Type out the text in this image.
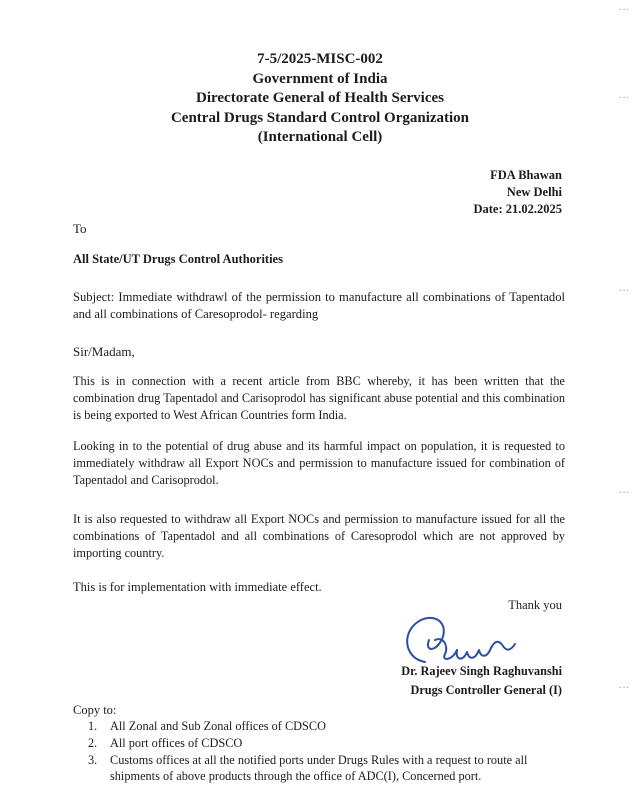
7-5/2025-MISC-002
Government of India
Directorate General of Health Services
Central Drugs Standard Control Organization
(International Cell)
FDA Bhawan
New Delhi
Date: 21.02.2025
To
All State/UT Drugs Control Authorities
Subject: Immediate withdrawl of the permission to manufacture all combinations of Tapentadol and all combinations of Caresoprodol- regarding
Sir/Madam,
This is in connection with a recent article from BBC whereby, it has been written that the combination drug Tapentadol and Carisoprodol has significant abuse potential and this combination is being exported to West African Countries form India.
Looking in to the potential of drug abuse and its harmful impact on population, it is requested to immediately withdraw all Export NOCs and permission to manufacture issued for combination of Tapentadol and Carisoprodol.
It is also requested to withdraw all Export NOCs and permission to manufacture issued for all the combinations of Tapentadol and all combinations of Caresoprodol which are not approved by importing country.
This is for implementation with immediate effect.
Thank you
Dr. Rajeev Singh Raghuvanshi
Drugs Controller General (I)
Copy to:
1. All Zonal and Sub Zonal offices of CDSCO
2. All port offices of CDSCO
3. Customs offices at all the notified ports under Drugs Rules with a request to route all shipments of above products through the office of ADC(I), Concerned port.
.‥
.‥
.‥
.‥
.‥
